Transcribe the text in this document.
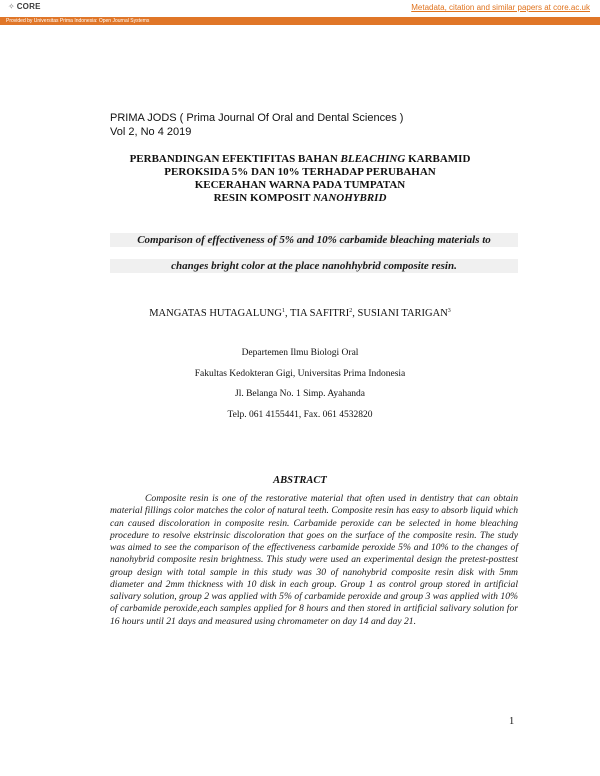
✧ CORE	Metadata, citation and similar papers at core.ac.uk
Provided by Universitas Prima Indonesia: Open Journal Systems
PRIMA JODS ( Prima Journal Of Oral and Dental Sciences )
Vol 2, No 4 2019
PERBANDINGAN EFEKTIFITAS BAHAN BLEACHING KARBAMID
PEROKSIDA 5% DAN 10% TERHADAP PERUBAHAN
KECERAHAN WARNA PADA TUMPATAN
RESIN KOMPOSIT NANOHYBRID
Comparison of effectiveness of 5% and 10% carbamide bleaching materials to
changes bright color at the place nanohhybrid composite resin.
MANGATAS HUTAGALUNG$^1$, TIA SAFITRI$^2$, SUSIANI TARIGAN$^3$
Departemen Ilmu Biologi Oral
Fakultas Kedokteran Gigi, Universitas Prima Indonesia
Jl. Belanga No. 1 Simp. Ayahanda
Telp. 061 4155441, Fax. 061 4532820
ABSTRACT

Composite resin is one of the restorative material that often used in dentistry that can obtain material fillings color matches the color of natural teeth. Composite resin has easy to absorb liquid which can caused discoloration in composite resin. Carbamide peroxide can be selected in home bleaching procedure to resolve ekstrinsic discoloration that goes on the surface of the composite resin. The study was aimed to see the comparison of the effectiveness carbamide peroxide 5% and 10% to the changes of nanohybrid composite resin brightness. This study were used an experimental design the pretest-posttest group design with total sample in this study was 30 of nanohybrid composite resin disk with 5mm diameter and 2mm thickness with 10 disk in each group. Group 1 as control group stored in artificial salivary solution, group 2 was applied with 5% of carbamide peroxide and group 3 was applied with 10% of carbamide peroxide,each samples applied for 8 hours and then stored in artificial salivary solution for 16 hours until 21 days and measured using chromameter on day 14 and day 21.

1
